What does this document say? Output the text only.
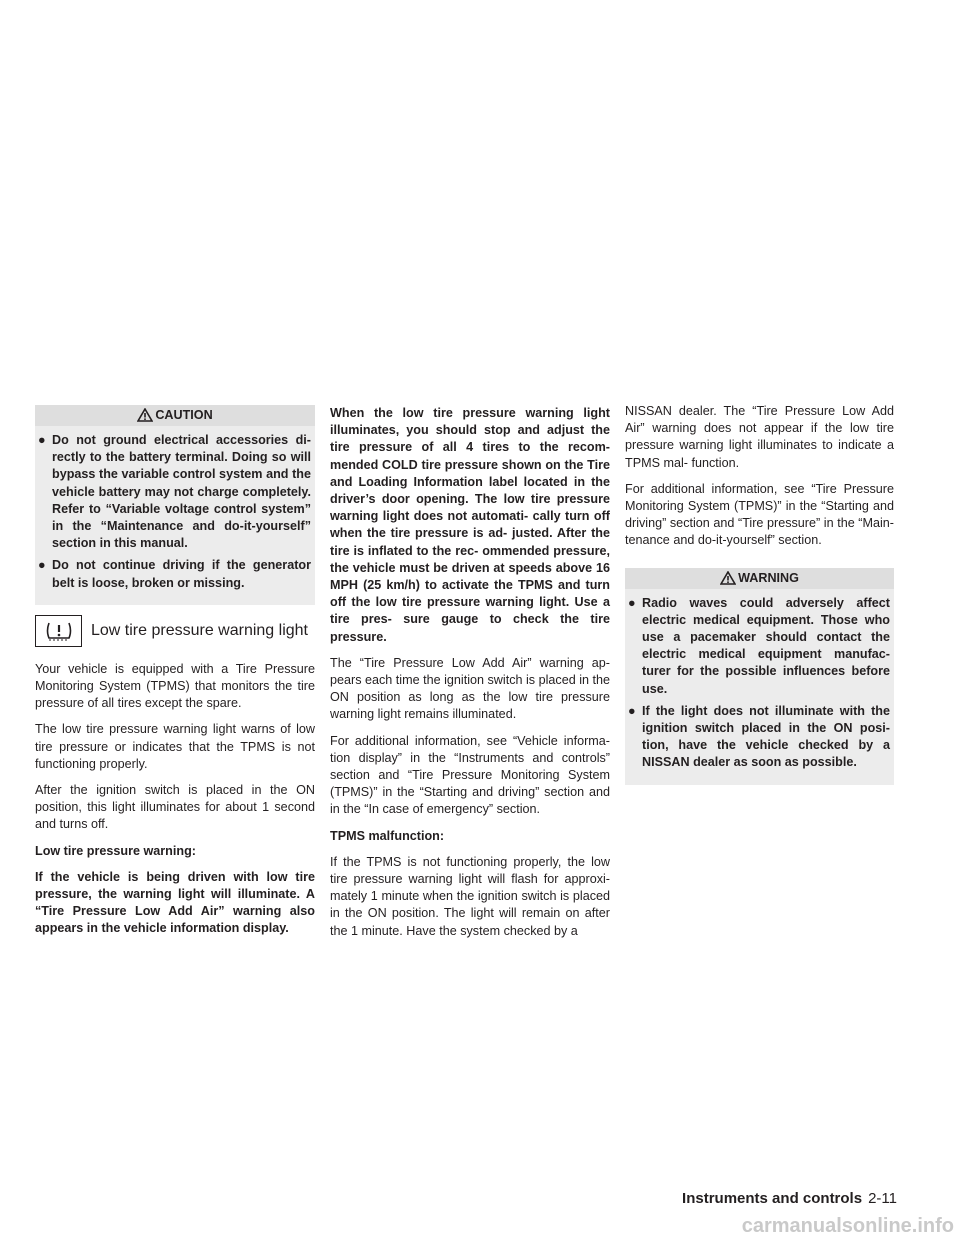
CAUTION
● Do not ground electrical accessories di- rectly to the battery terminal. Doing so will bypass the variable control system and the vehicle battery may not charge completely. Refer to “Variable voltage control system” in the “Maintenance and do-it-yourself” section in this manual.
● Do not continue driving if the generator belt is loose, broken or missing.
Low tire pressure warning light

Your vehicle is equipped with a Tire Pressure Monitoring System (TPMS) that monitors the tire pressure of all tires except the spare.

The low tire pressure warning light warns of low tire pressure or indicates that the TPMS is not functioning properly.

After the ignition switch is placed in the ON position, this light illuminates for about 1 second and turns off.

Low tire pressure warning:

If the vehicle is being driven with low tire pressure, the warning light will illuminate. A “Tire Pressure Low Add Air” warning also appears in the vehicle information display.

When the low tire pressure warning light illuminates, you should stop and adjust the tire pressure of all 4 tires to the recom- mended COLD tire pressure shown on the Tire and Loading Information label located in the driver’s door opening. The low tire pressure warning light does not automati- cally turn off when the tire pressure is ad- justed. After the tire is inflated to the rec- ommended pressure, the vehicle must be driven at speeds above 16 MPH (25 km/h) to activate the TPMS and turn off the low tire pressure warning light. Use a tire pres- sure gauge to check the tire pressure.

The “Tire Pressure Low Add Air” warning ap- pears each time the ignition switch is placed in the ON position as long as the low tire pressure warning light remains illuminated.

For additional information, see “Vehicle informa- tion display” in the “Instruments and controls” section and “Tire Pressure Monitoring System (TPMS)” in the “Starting and driving” section and in the “In case of emergency” section.

TPMS malfunction:

If the TPMS is not functioning properly, the low tire pressure warning light will flash for approxi- mately 1 minute when the ignition switch is placed in the ON position. The light will remain on after the 1 minute. Have the system checked by a

NISSAN dealer. The “Tire Pressure Low Add Air” warning does not appear if the low tire pressure warning light illuminates to indicate a TPMS mal- function.

For additional information, see “Tire Pressure Monitoring System (TPMS)” in the “Starting and driving” section and “Tire pressure” in the “Main- tenance and do-it-yourself” section.

WARNING
● Radio waves could adversely affect electric medical equipment. Those who use a pacemaker should contact the electric medical equipment manufac- turer for the possible influences before use.
● If the light does not illuminate with the ignition switch placed in the ON posi- tion, have the vehicle checked by a NISSAN dealer as soon as possible.
Instruments and controls 2-11
carmanualsonline.info
